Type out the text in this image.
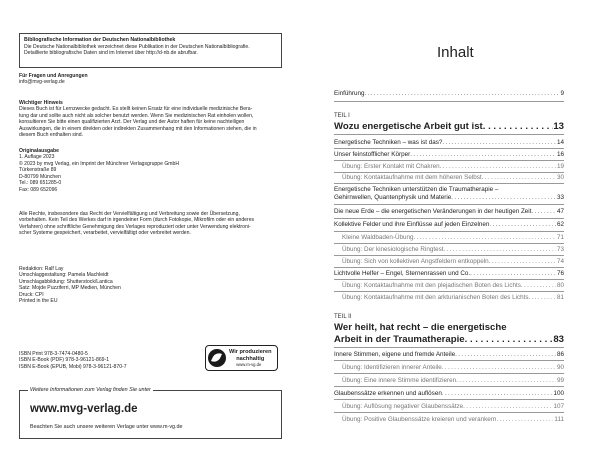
Bibliografische Information der Deutschen Nationalbibliothek
Die Deutsche Nationalbibliothek verzeichnet diese Publikation in der Deutschen Nationalbibliografie.
Detaillierte bibliografische Daten sind im Internet über http://d-nb.de abrufbar.
Für Fragen und Anregungen
info@mvg-verlag.de
Wichtiger Hinweis
Dieses Buch ist für Lernzwecke gedacht. Es stellt keinen Ersatz für eine individuelle medizinische Bera-
tung dar und sollte auch nicht als solcher benutzt werden. Wenn Sie medizinischen Rat einholen wollen,
konsultieren Sie bitte einen qualifizierten Arzt. Der Verlag und der Autor haften für keine nachteiligen
Auswirkungen, die in einem direkten oder indirekten Zusammenhang mit den Informationen stehen, die in
diesem Buch enthalten sind.
Originalausgabe
1. Auflage 2023
© 2023 by mvg Verlag, ein Imprint der Münchner Verlagsgruppe GmbH
Türkenstraße 89
D-80799 München
Tel.: 089 651285-0
Fax: 089 652096
Alle Rechte, insbesondere das Recht der Vervielfältigung und Verbreitung sowie der Übersetzung,
vorbehalten. Kein Teil des Werkes darf in irgendeiner Form (durch Fotokopie, Mikrofilm oder ein anderes
Verfahren) ohne schriftliche Genehmigung des Verlages reproduziert oder unter Verwendung elektroni-
scher Systeme gespeichert, verarbeitet, vervielfältigt oder verbreitet werden.
Redaktion: Ralf Lay
Umschlaggestaltung: Pamela Machleidt
Umschlagabbildung: Shutterstock/Lantica
Satz: Mojde Puzziferri, MP Medien, München
Druck: CPI
Printed in the EU
ISBN Print 978-3-7474-0480-5
ISBN E-Book (PDF) 978-3-96121-869-1
ISBN E-Book (EPUB, Mobi) 978-3-96121-870-7
Wir produzieren
nachhaltig
www.m-vg.de
Weitere Informationen zum Verlag finden Sie unter
www.mvg-verlag.de
Beachten Sie auch unsere weiteren Verlage unter www.m-vg.de
Inhalt
Einführung . . .	9
TEIL I
Wozu energetische Arbeit gut ist . . .	13
Energetische Techniken – was ist das? . . .	14
Unser feinstofflicher Körper . . .	16
Übung: Erster Kontakt mit Chakren . . .	19
Übung: Kontaktaufnahme mit dem höheren Selbst . . .	30
Energetische Techniken unterstützen die Traumatherapie –
Gehirnwellen, Quantenphysik und Materie . . .	33
Die neue Erde – die energetischen Veränderungen in der heutigen Zeit . . .	47
Kollektive Felder und ihre Einflüsse auf jeden Einzelnen . . .	62
Kleine Waldbaden-Übung . . .	71
Übung: Der kinesiologische Ringtest . . .	73
Übung: Sich von kollektiven Angstfeldern entkoppeln . . .	74
Lichtvolle Helfer – Engel, Sternenrassen und Co. . . .	76
Übung: Kontaktaufnahme mit den plejadischen Boten des Lichts . . .	80
Übung: Kontaktaufnahme mit den arkturianischen Boten des Lichts . . .	81
TEIL II
Wer heilt, hat recht – die energetische
Arbeit in der Traumatherapie . . .	83
Innere Stimmen, eigene und fremde Anteile . . .	86
Übung: Identifizieren innerer Anteile . . .	90
Übung: Eine innere Stimme identifizieren . . .	99
Glaubenssätze erkennen und auflösen . . .	100
Übung: Auflösung negativer Glaubenssätze . . .	107
Übung: Positive Glaubenssätze kreieren und verankern . . .	111
